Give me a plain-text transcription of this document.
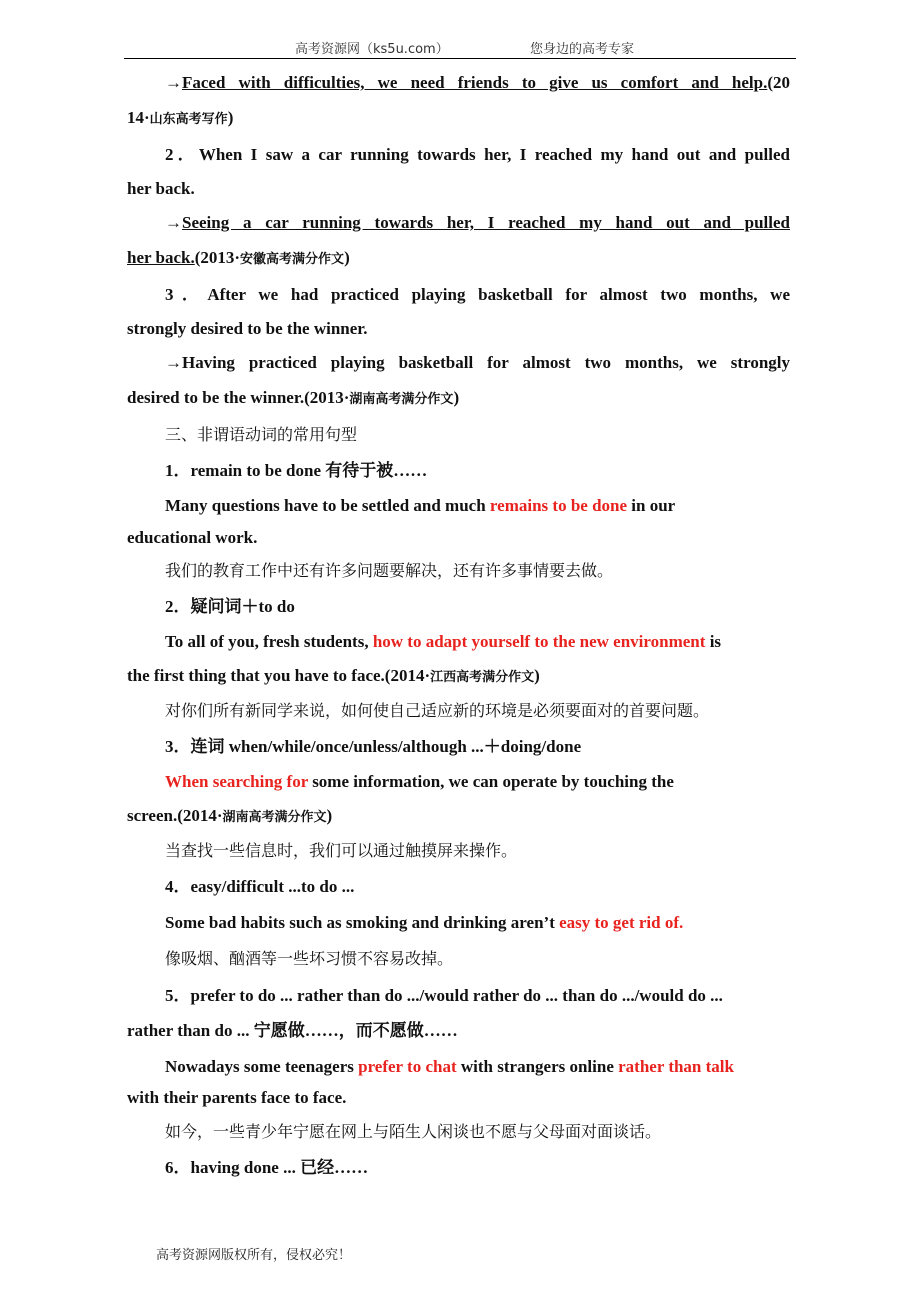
高考资源网（ks5u.com）	您身边的高考专家
→Faced with difficulties, we need friends to give us comfort and help.(20
14·山东高考写作)
2．When I saw a car running towards her, I reached my hand out and pulled
her back.
→Seeing a car running towards her, I reached my hand out and pulled
her back.(2013·安徽高考满分作文)
3．After we had practiced playing basketball for almost two months, we
strongly desired to be the winner.
→Having practiced playing basketball for almost two months, we strongly
desired to be the winner.(2013·湖南高考满分作文)
三、非谓语动词的常用句型
1．remain to be done 有待于被……
Many questions have to be settled and much remains to be done in our
educational work.
我们的教育工作中还有许多问题要解决，还有许多事情要去做。
2．疑问词＋to do
To all of you, fresh students, how to adapt yourself to the new environment is
the first thing that you have to face.(2014·江西高考满分作文)
对你们所有新同学来说，如何使自己适应新的环境是必须要面对的首要问题。
3．连词 when/while/once/unless/although ...＋doing/done
When searching for some information, we can operate by touching the
screen.(2014·湖南高考满分作文)
当查找一些信息时，我们可以通过触摸屏来操作。
4．easy/difficult ...to do ...
Some bad habits such as smoking and drinking aren’t easy to get rid of.
像吸烟、酗酒等一些坏习惯不容易改掉。
5．prefer to do ... rather than do .../would rather do ... than do .../would do ...
rather than do ... 宁愿做……，而不愿做……
Nowadays some teenagers prefer to chat with strangers online rather than talk
with their parents face to face.
如今，一些青少年宁愿在网上与陌生人闲谈也不愿与父母面对面谈话。
6．having done ... 已经……
高考资源网版权所有，侵权必究！
